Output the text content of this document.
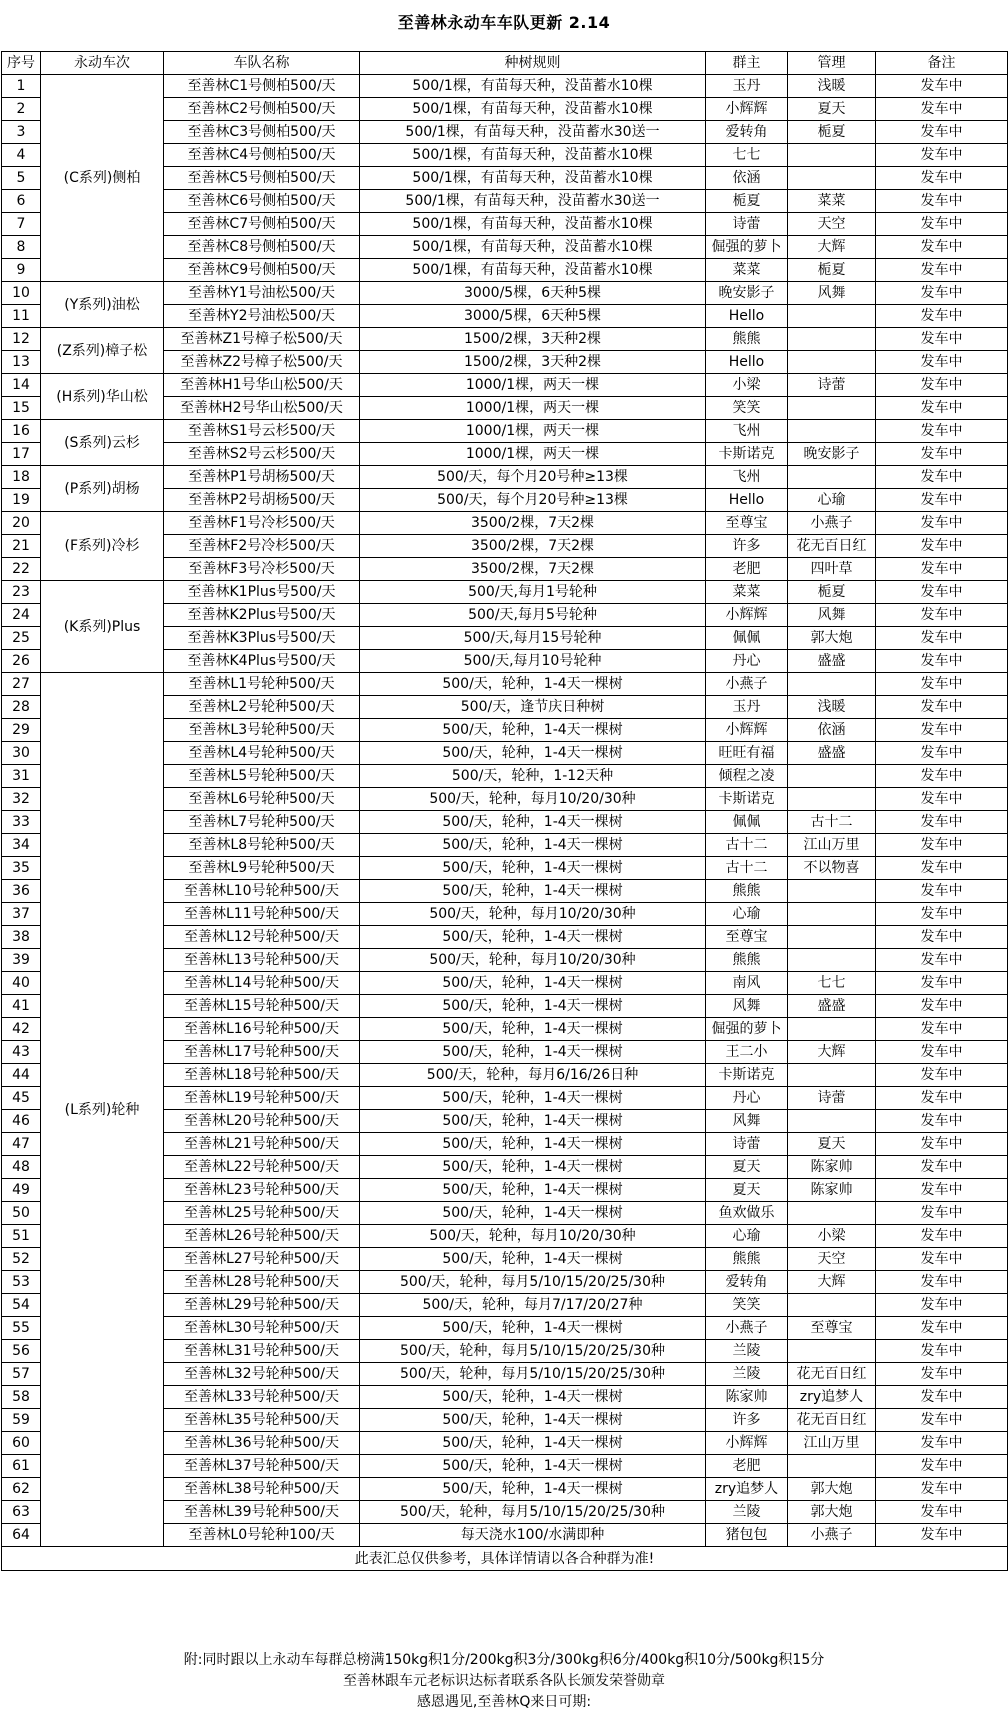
至善林永动车车队更新 2.14
序号	永动车次	车队名称	种树规则	群主	管理	备注
1	(C系列)侧柏	至善林C1号侧柏500/天	500/1棵，有苗每天种，没苗蓄水10棵	玉丹	浅暖	发车中
2		至善林C2号侧柏500/天	500/1棵，有苗每天种，没苗蓄水10棵	小辉辉	夏天	发车中
3		至善林C3号侧柏500/天	500/1棵，有苗每天种，没苗蓄水30送一	爱转角	栀夏	发车中
4		至善林C4号侧柏500/天	500/1棵，有苗每天种，没苗蓄水10棵	七七		发车中
5		至善林C5号侧柏500/天	500/1棵，有苗每天种，没苗蓄水10棵	依涵		发车中
6		至善林C6号侧柏500/天	500/1棵，有苗每天种，没苗蓄水30送一	栀夏	菜菜	发车中
7		至善林C7号侧柏500/天	500/1棵，有苗每天种，没苗蓄水10棵	诗蕾	天空	发车中
8		至善林C8号侧柏500/天	500/1棵，有苗每天种，没苗蓄水10棵	倔强的萝卜	大辉	发车中
9		至善林C9号侧柏500/天	500/1棵，有苗每天种，没苗蓄水10棵	菜菜	栀夏	发车中
10	(Y系列)油松	至善林Y1号油松500/天	3000/5棵，6天种5棵	晚安影子	风舞	发车中
11		至善林Y2号油松500/天	3000/5棵，6天种5棵	Hello		发车中
12	(Z系列)樟子松	至善林Z1号樟子松500/天	1500/2棵，3天种2棵	熊熊		发车中
13		至善林Z2号樟子松500/天	1500/2棵，3天种2棵	Hello		发车中
14	(H系列)华山松	至善林H1号华山松500/天	1000/1棵，两天一棵	小梁	诗蕾	发车中
15		至善林H2号华山松500/天	1000/1棵，两天一棵	笑笑		发车中
16	(S系列)云杉	至善林S1号云杉500/天	1000/1棵，两天一棵	飞州		发车中
17		至善林S2号云杉500/天	1000/1棵，两天一棵	卡斯诺克	晚安影子	发车中
18	(P系列)胡杨	至善林P1号胡杨500/天	500/天，每个月20号种≥13棵	飞州		发车中
19		至善林P2号胡杨500/天	500/天，每个月20号种≥13棵	Hello	心瑜	发车中
20	(F系列)冷杉	至善林F1号冷杉500/天	3500/2棵，7天2棵	至尊宝	小燕子	发车中
21		至善林F2号冷杉500/天	3500/2棵，7天2棵	许多	花无百日红	发车中
22		至善林F3号冷杉500/天	3500/2棵，7天2棵	老肥	四叶草	发车中
23	(K系列)Plus	至善林K1Plus号500/天	500/天,每月1号轮种	菜菜	栀夏	发车中
24		至善林K2Plus号500/天	500/天,每月5号轮种	小辉辉	风舞	发车中
25		至善林K3Plus号500/天	500/天,每月15号轮种	佩佩	郭大炮	发车中
26		至善林K4Plus号500/天	500/天,每月10号轮种	丹心	盛盛	发车中
27	(L系列)轮种	至善林L1号轮种500/天	500/天，轮种，1-4天一棵树	小燕子		发车中
28		至善林L2号轮种500/天	500/天，逢节庆日种树	玉丹	浅暖	发车中
29		至善林L3号轮种500/天	500/天，轮种，1-4天一棵树	小辉辉	依涵	发车中
30		至善林L4号轮种500/天	500/天，轮种，1-4天一棵树	旺旺有福	盛盛	发车中
31		至善林L5号轮种500/天	500/天，轮种，1-12天种	倾程之凌		发车中
32		至善林L6号轮种500/天	500/天，轮种，每月10/20/30种	卡斯诺克		发车中
33		至善林L7号轮种500/天	500/天，轮种，1-4天一棵树	佩佩	古十二	发车中
34		至善林L8号轮种500/天	500/天，轮种，1-4天一棵树	古十二	江山万里	发车中
35		至善林L9号轮种500/天	500/天，轮种，1-4天一棵树	古十二	不以物喜	发车中
36		至善林L10号轮种500/天	500/天，轮种，1-4天一棵树	熊熊		发车中
37		至善林L11号轮种500/天	500/天，轮种，每月10/20/30种	心瑜		发车中
38		至善林L12号轮种500/天	500/天，轮种，1-4天一棵树	至尊宝		发车中
39		至善林L13号轮种500/天	500/天，轮种，每月10/20/30种	熊熊		发车中
40		至善林L14号轮种500/天	500/天，轮种，1-4天一棵树	南风	七七	发车中
41		至善林L15号轮种500/天	500/天，轮种，1-4天一棵树	风舞	盛盛	发车中
42		至善林L16号轮种500/天	500/天，轮种，1-4天一棵树	倔强的萝卜		发车中
43		至善林L17号轮种500/天	500/天，轮种，1-4天一棵树	王二小	大辉	发车中
44		至善林L18号轮种500/天	500/天，轮种，每月6/16/26日种	卡斯诺克		发车中
45		至善林L19号轮种500/天	500/天，轮种，1-4天一棵树	丹心	诗蕾	发车中
46		至善林L20号轮种500/天	500/天，轮种，1-4天一棵树	风舞		发车中
47		至善林L21号轮种500/天	500/天，轮种，1-4天一棵树	诗蕾	夏天	发车中
48		至善林L22号轮种500/天	500/天，轮种，1-4天一棵树	夏天	陈家帅	发车中
49		至善林L23号轮种500/天	500/天，轮种，1-4天一棵树	夏天	陈家帅	发车中
50		至善林L25号轮种500/天	500/天，轮种，1-4天一棵树	鱼欢做乐		发车中
51		至善林L26号轮种500/天	500/天，轮种，每月10/20/30种	心瑜	小梁	发车中
52		至善林L27号轮种500/天	500/天，轮种，1-4天一棵树	熊熊	天空	发车中
53		至善林L28号轮种500/天	500/天，轮种，每月5/10/15/20/25/30种	爱转角	大辉	发车中
54		至善林L29号轮种500/天	500/天，轮种，每月7/17/20/27种	笑笑		发车中
55		至善林L30号轮种500/天	500/天，轮种，1-4天一棵树	小燕子	至尊宝	发车中
56		至善林L31号轮种500/天	500/天，轮种，每月5/10/15/20/25/30种	兰陵		发车中
57		至善林L32号轮种500/天	500/天，轮种，每月5/10/15/20/25/30种	兰陵	花无百日红	发车中
58		至善林L33号轮种500/天	500/天，轮种，1-4天一棵树	陈家帅	zry追梦人	发车中
59		至善林L35号轮种500/天	500/天，轮种，1-4天一棵树	许多	花无百日红	发车中
60		至善林L36号轮种500/天	500/天，轮种，1-4天一棵树	小辉辉	江山万里	发车中
61		至善林L37号轮种500/天	500/天，轮种，1-4天一棵树	老肥		发车中
62		至善林L38号轮种500/天	500/天，轮种，1-4天一棵树	zry追梦人	郭大炮	发车中
63		至善林L39号轮种500/天	500/天，轮种，每月5/10/15/20/25/30种	兰陵	郭大炮	发车中
64		至善林L0号轮种100/天	每天浇水100/水满即种	猪包包	小燕子	发车中
此表汇总仅供参考，具体详情请以各合种群为准!						
附:同时跟以上永动车每群总榜满150kg积1分/200kg积3分/300kg积6分/400kg积10分/500kg积15分
至善林跟车元老标识达标者联系各队长颁发荣誉勋章
感恩遇见,至善林Q来日可期:
